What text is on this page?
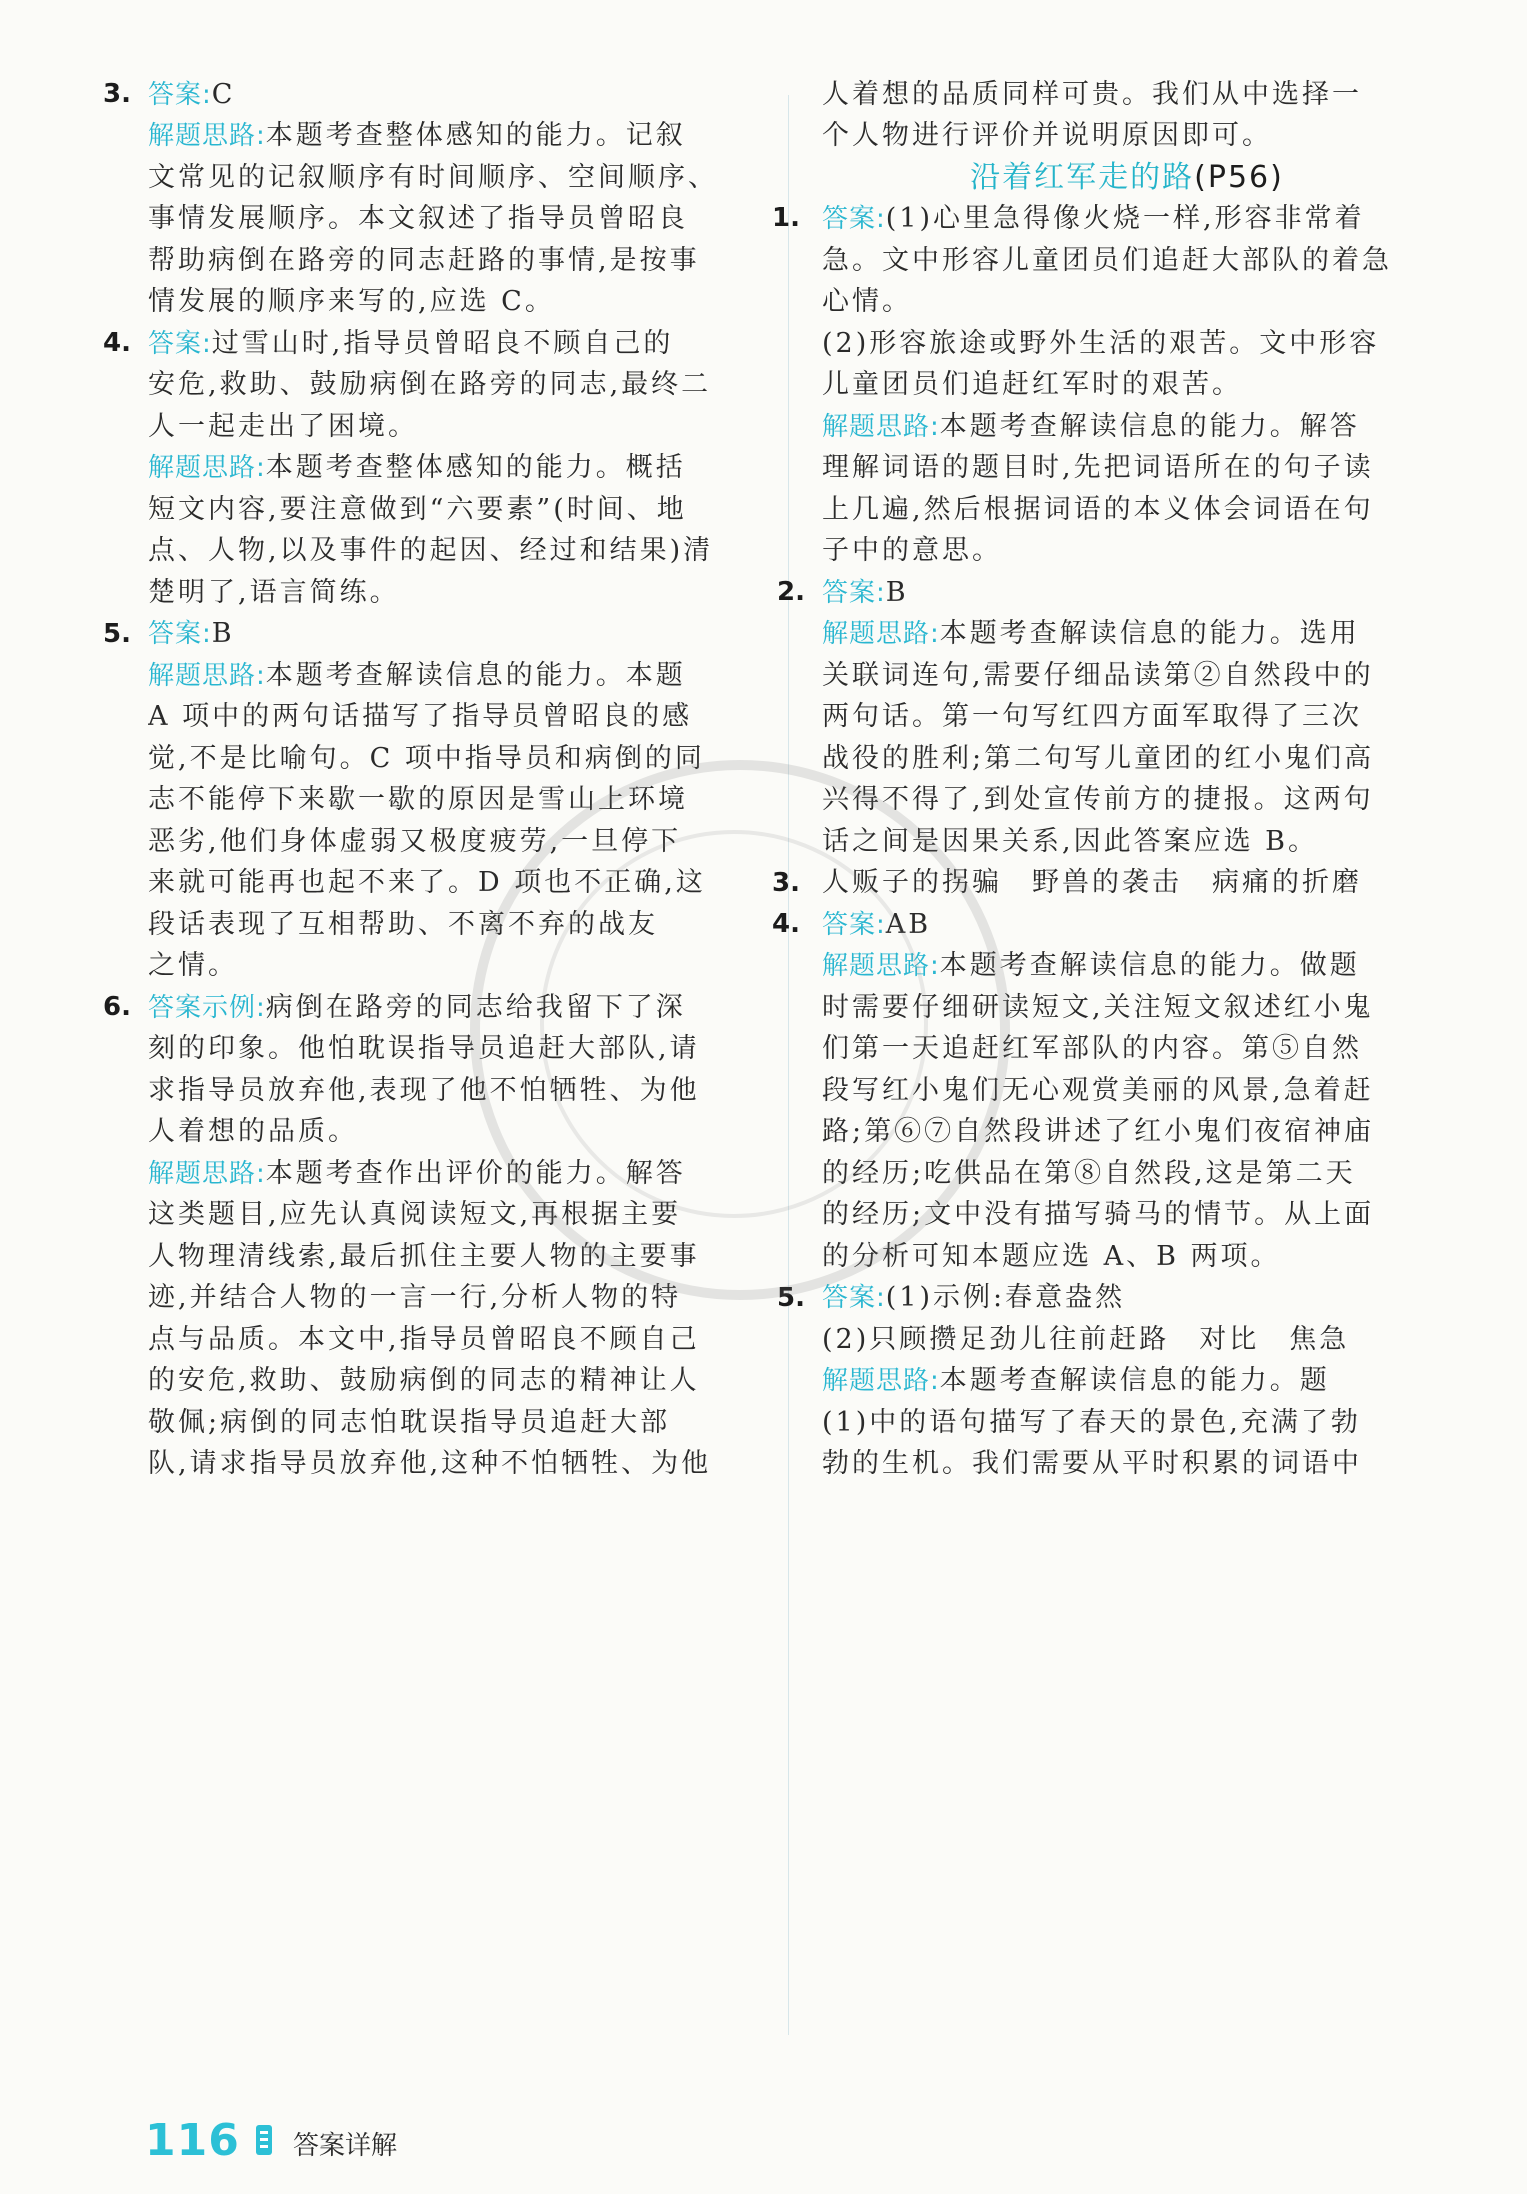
3. 答案:C
解题思路:本题考查整体感知的能力。记叙
文常见的记叙顺序有时间顺序、空间顺序、
事情发展顺序。本文叙述了指导员曾昭良
帮助病倒在路旁的同志赶路的事情,是按事
情发展的顺序来写的,应选 C。
4. 答案:过雪山时,指导员曾昭良不顾自己的
安危,救助、鼓励病倒在路旁的同志,最终二
人一起走出了困境。
解题思路:本题考查整体感知的能力。概括
短文内容,要注意做到“六要素”(时间、地
点、人物,以及事件的起因、经过和结果)清
楚明了,语言简练。
5. 答案:B
解题思路:本题考查解读信息的能力。本题
A 项中的两句话描写了指导员曾昭良的感
觉,不是比喻句。C 项中指导员和病倒的同
志不能停下来歇一歇的原因是雪山上环境
恶劣,他们身体虚弱又极度疲劳,一旦停下
来就可能再也起不来了。D 项也不正确,这
段话表现了互相帮助、不离不弃的战友
之情。
6. 答案示例:病倒在路旁的同志给我留下了深
刻的印象。他怕耽误指导员追赶大部队,请
求指导员放弃他,表现了他不怕牺牲、为他
人着想的品质。
解题思路:本题考查作出评价的能力。解答
这类题目,应先认真阅读短文,再根据主要
人物理清线索,最后抓住主要人物的主要事
迹,并结合人物的一言一行,分析人物的特
点与品质。本文中,指导员曾昭良不顾自己
的安危,救助、鼓励病倒的同志的精神让人
敬佩;病倒的同志怕耽误指导员追赶大部
队,请求指导员放弃他,这种不怕牺牲、为他
人着想的品质同样可贵。我们从中选择一
个人物进行评价并说明原因即可。
沿着红军走的路(P56)
1. 答案:(1)心里急得像火烧一样,形容非常着
急。文中形容儿童团员们追赶大部队的着急
心情。
(2)形容旅途或野外生活的艰苦。文中形容
儿童团员们追赶红军时的艰苦。
解题思路:本题考查解读信息的能力。解答
理解词语的题目时,先把词语所在的句子读
上几遍,然后根据词语的本义体会词语在句
子中的意思。
2. 答案:B
解题思路:本题考查解读信息的能力。选用
关联词连句,需要仔细品读第②自然段中的
两句话。第一句写红四方面军取得了三次
战役的胜利;第二句写儿童团的红小鬼们高
兴得不得了,到处宣传前方的捷报。这两句
话之间是因果关系,因此答案应选 B。
3. 人贩子的拐骗　野兽的袭击　病痛的折磨
4. 答案:AB
解题思路:本题考查解读信息的能力。做题
时需要仔细研读短文,关注短文叙述红小鬼
们第一天追赶红军部队的内容。第⑤自然
段写红小鬼们无心观赏美丽的风景,急着赶
路;第⑥⑦自然段讲述了红小鬼们夜宿神庙
的经历;吃供品在第⑧自然段,这是第二天
的经历;文中没有描写骑马的情节。从上面
的分析可知本题应选 A、B 两项。
5. 答案:(1)示例:春意盎然
(2)只顾攒足劲儿往前赶路　对比　焦急
解题思路:本题考查解读信息的能力。题
(1)中的语句描写了春天的景色,充满了勃
勃的生机。我们需要从平时积累的词语中
116 答案详解
